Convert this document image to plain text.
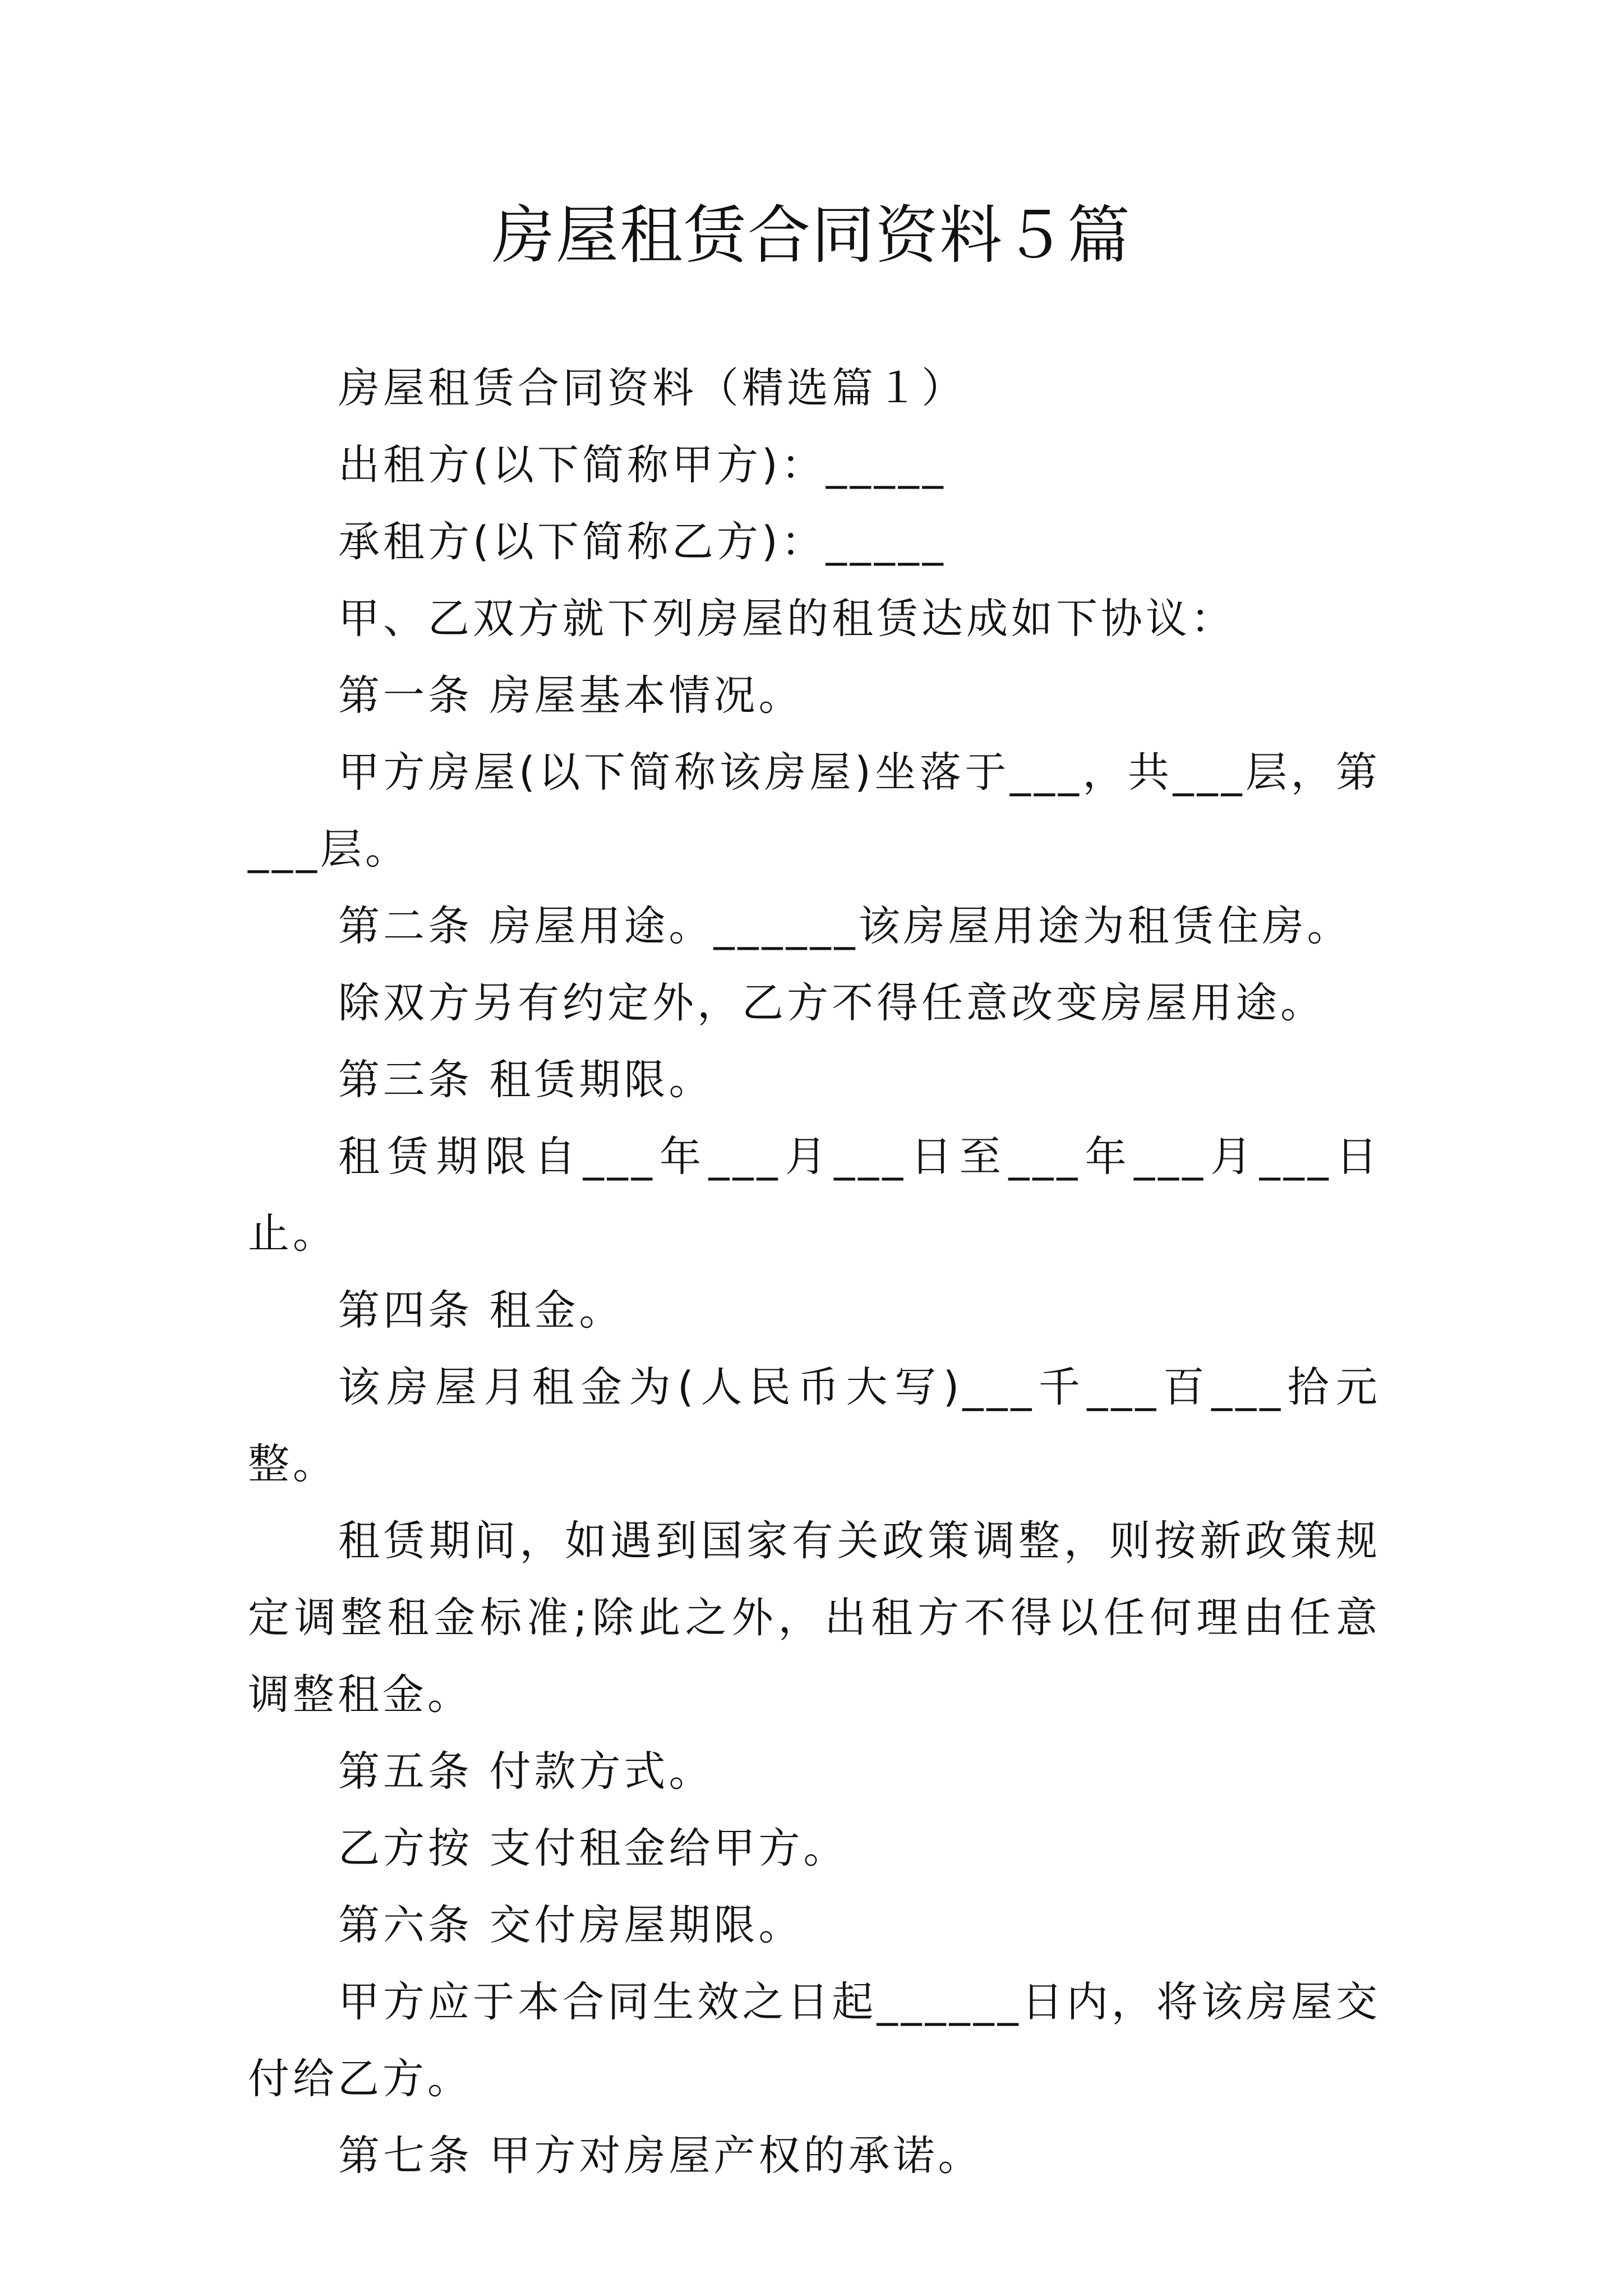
房屋租赁合同资料５篇

房屋租赁合同资料（精选篇１）

出租方(以下简称甲方)：_____

承租方(以下简称乙方)：_____

甲、乙双方就下列房屋的租赁达成如下协议：

第一条 房屋基本情况。

甲方房屋(以下简称该房屋)坐落于___，共___层，第___层。

第二条 房屋用途。______该房屋用途为租赁住房。

除双方另有约定外，乙方不得任意改变房屋用途。

第三条 租赁期限。

租赁期限自___年___月___日至___年___月___日止。

第四条 租金。

该房屋月租金为(人民币大写)___千___百___拾元整。

租赁期间，如遇到国家有关政策调整，则按新政策规定调整租金标准;除此之外，出租方不得以任何理由任意调整租金。

第五条 付款方式。

乙方按 支付租金给甲方。

第六条 交付房屋期限。

甲方应于本合同生效之日起______日内，将该房屋交付给乙方。

第七条 甲方对房屋产权的承诺。
